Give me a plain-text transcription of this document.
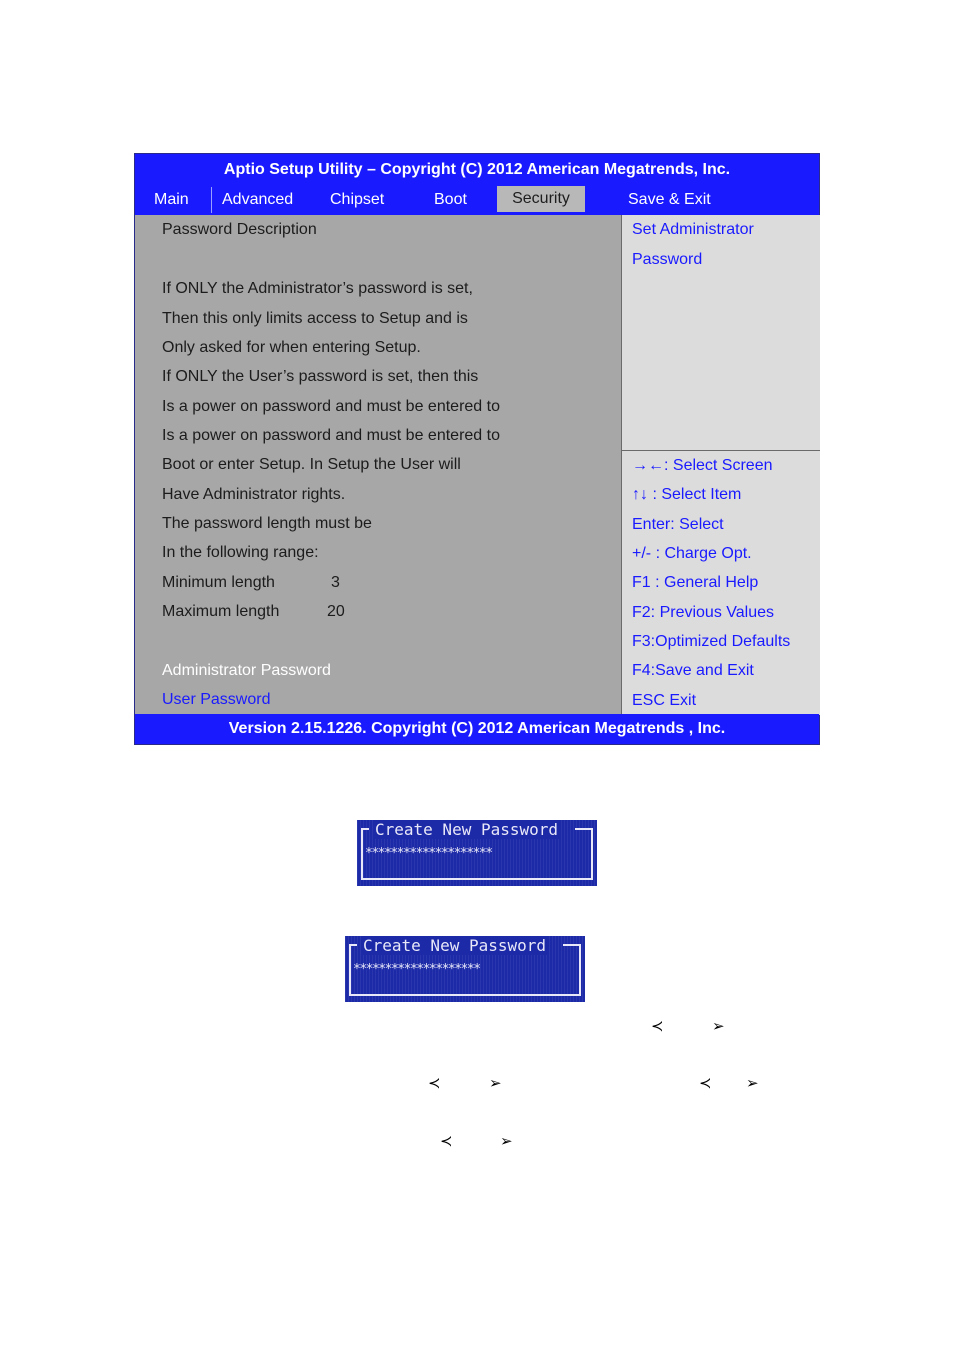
Aptio Setup Utility – Copyright (C) 2012 American Megatrends, Inc.
Main Advanced Chipset	Boot	Security	Save & Exit
Password Description
If ONLY the Administrator’s password is set,
Then this only limits access to Setup and is
Only asked for when entering Setup.
If ONLY the User’s password is set, then this
Is a power on password and must be entered to
Is a power on password and must be entered to
Boot or enter Setup. In Setup the User will
Have Administrator rights.
The password length must be
In the following range:
Minimum length	3
Maximum length	20
Administrator Password
User Password
Set Administrator
Password
→←: Select Screen
↑↓ : Select Item
Enter: Select
+/- : Charge Opt.
F1 : General Help
F2: Previous Values
F3:Optimized Defaults
F4:Save and Exit
ESC Exit
Version 2.15.1226. Copyright (C) 2012 American Megatrends , Inc.
Create New Password
********************
Create New Password
********************
≺	➢
≺	➢	≺ ➢
≺	➢
